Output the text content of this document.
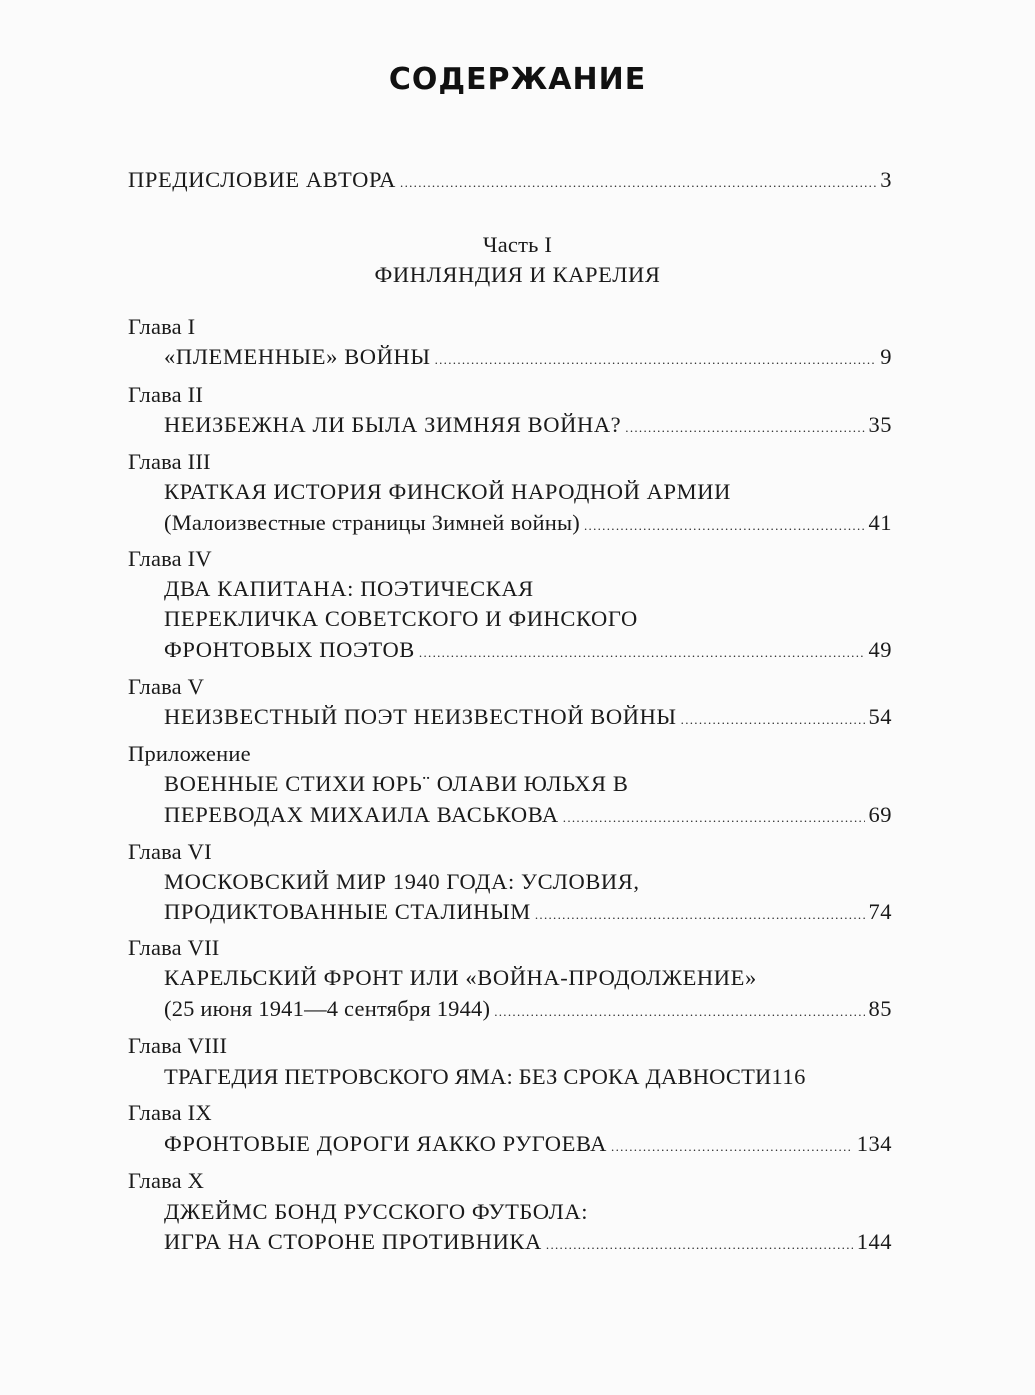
СОДЕРЖАНИЕ
ПРЕДИСЛОВИЕ АВТОРА .....	3
Часть I
ФИНЛЯНДИЯ И КАРЕЛИЯ
Глава I
«ПЛЕМЕННЫЕ» ВОЙНЫ .....	9
Глава II
НЕИЗБЕЖНА ЛИ БЫЛА ЗИМНЯЯ ВОЙНА? .....	35
Глава III
КРАТКАЯ ИСТОРИЯ ФИНСКОЙ НАРОДНОЙ АРМИИ
(Малоизвестные страницы Зимней войны) .....	41
Глава IV
ДВА КАПИТАНА: ПОЭТИЧЕСКАЯ
ПЕРЕКЛИЧКА СОВЕТСКОГО И ФИНСКОГО
ФРОНТОВЫХ ПОЭТОВ .....	49
Глава V
НЕИЗВЕСТНЫЙ ПОЭТ НЕИЗВЕСТНОЙ ВОЙНЫ .....	54
Приложение
ВОЕННЫЕ СТИХИ ЮРЬ¨ ОЛАВИ ЮЛЬХЯ В
ПЕРЕВОДАХ МИХАИЛА ВАСЬКОВА .....	69
Глава VI
МОСКОВСКИЙ МИР 1940 ГОДА: УСЛОВИЯ,
ПРОДИКТОВАННЫЕ СТАЛИНЫМ .....	74
Глава VII
КАРЕЛЬСКИЙ ФРОНТ ИЛИ «ВОЙНА-ПРОДОЛЖЕНИЕ»
(25 июня 1941—4 сентября 1944) .....	85
Глава VIII
ТРАГЕДИЯ ПЕТРОВСКОГО ЯМА: БЕЗ СРОКА ДАВНОСТИ 116
Глава IX
ФРОНТОВЫЕ ДОРОГИ ЯАККО РУГОЕВА .....	134
Глава X
ДЖЕЙМС БОНД РУССКОГО ФУТБОЛА:
ИГРА НА СТОРОНЕ ПРОТИВНИКА .....	144
